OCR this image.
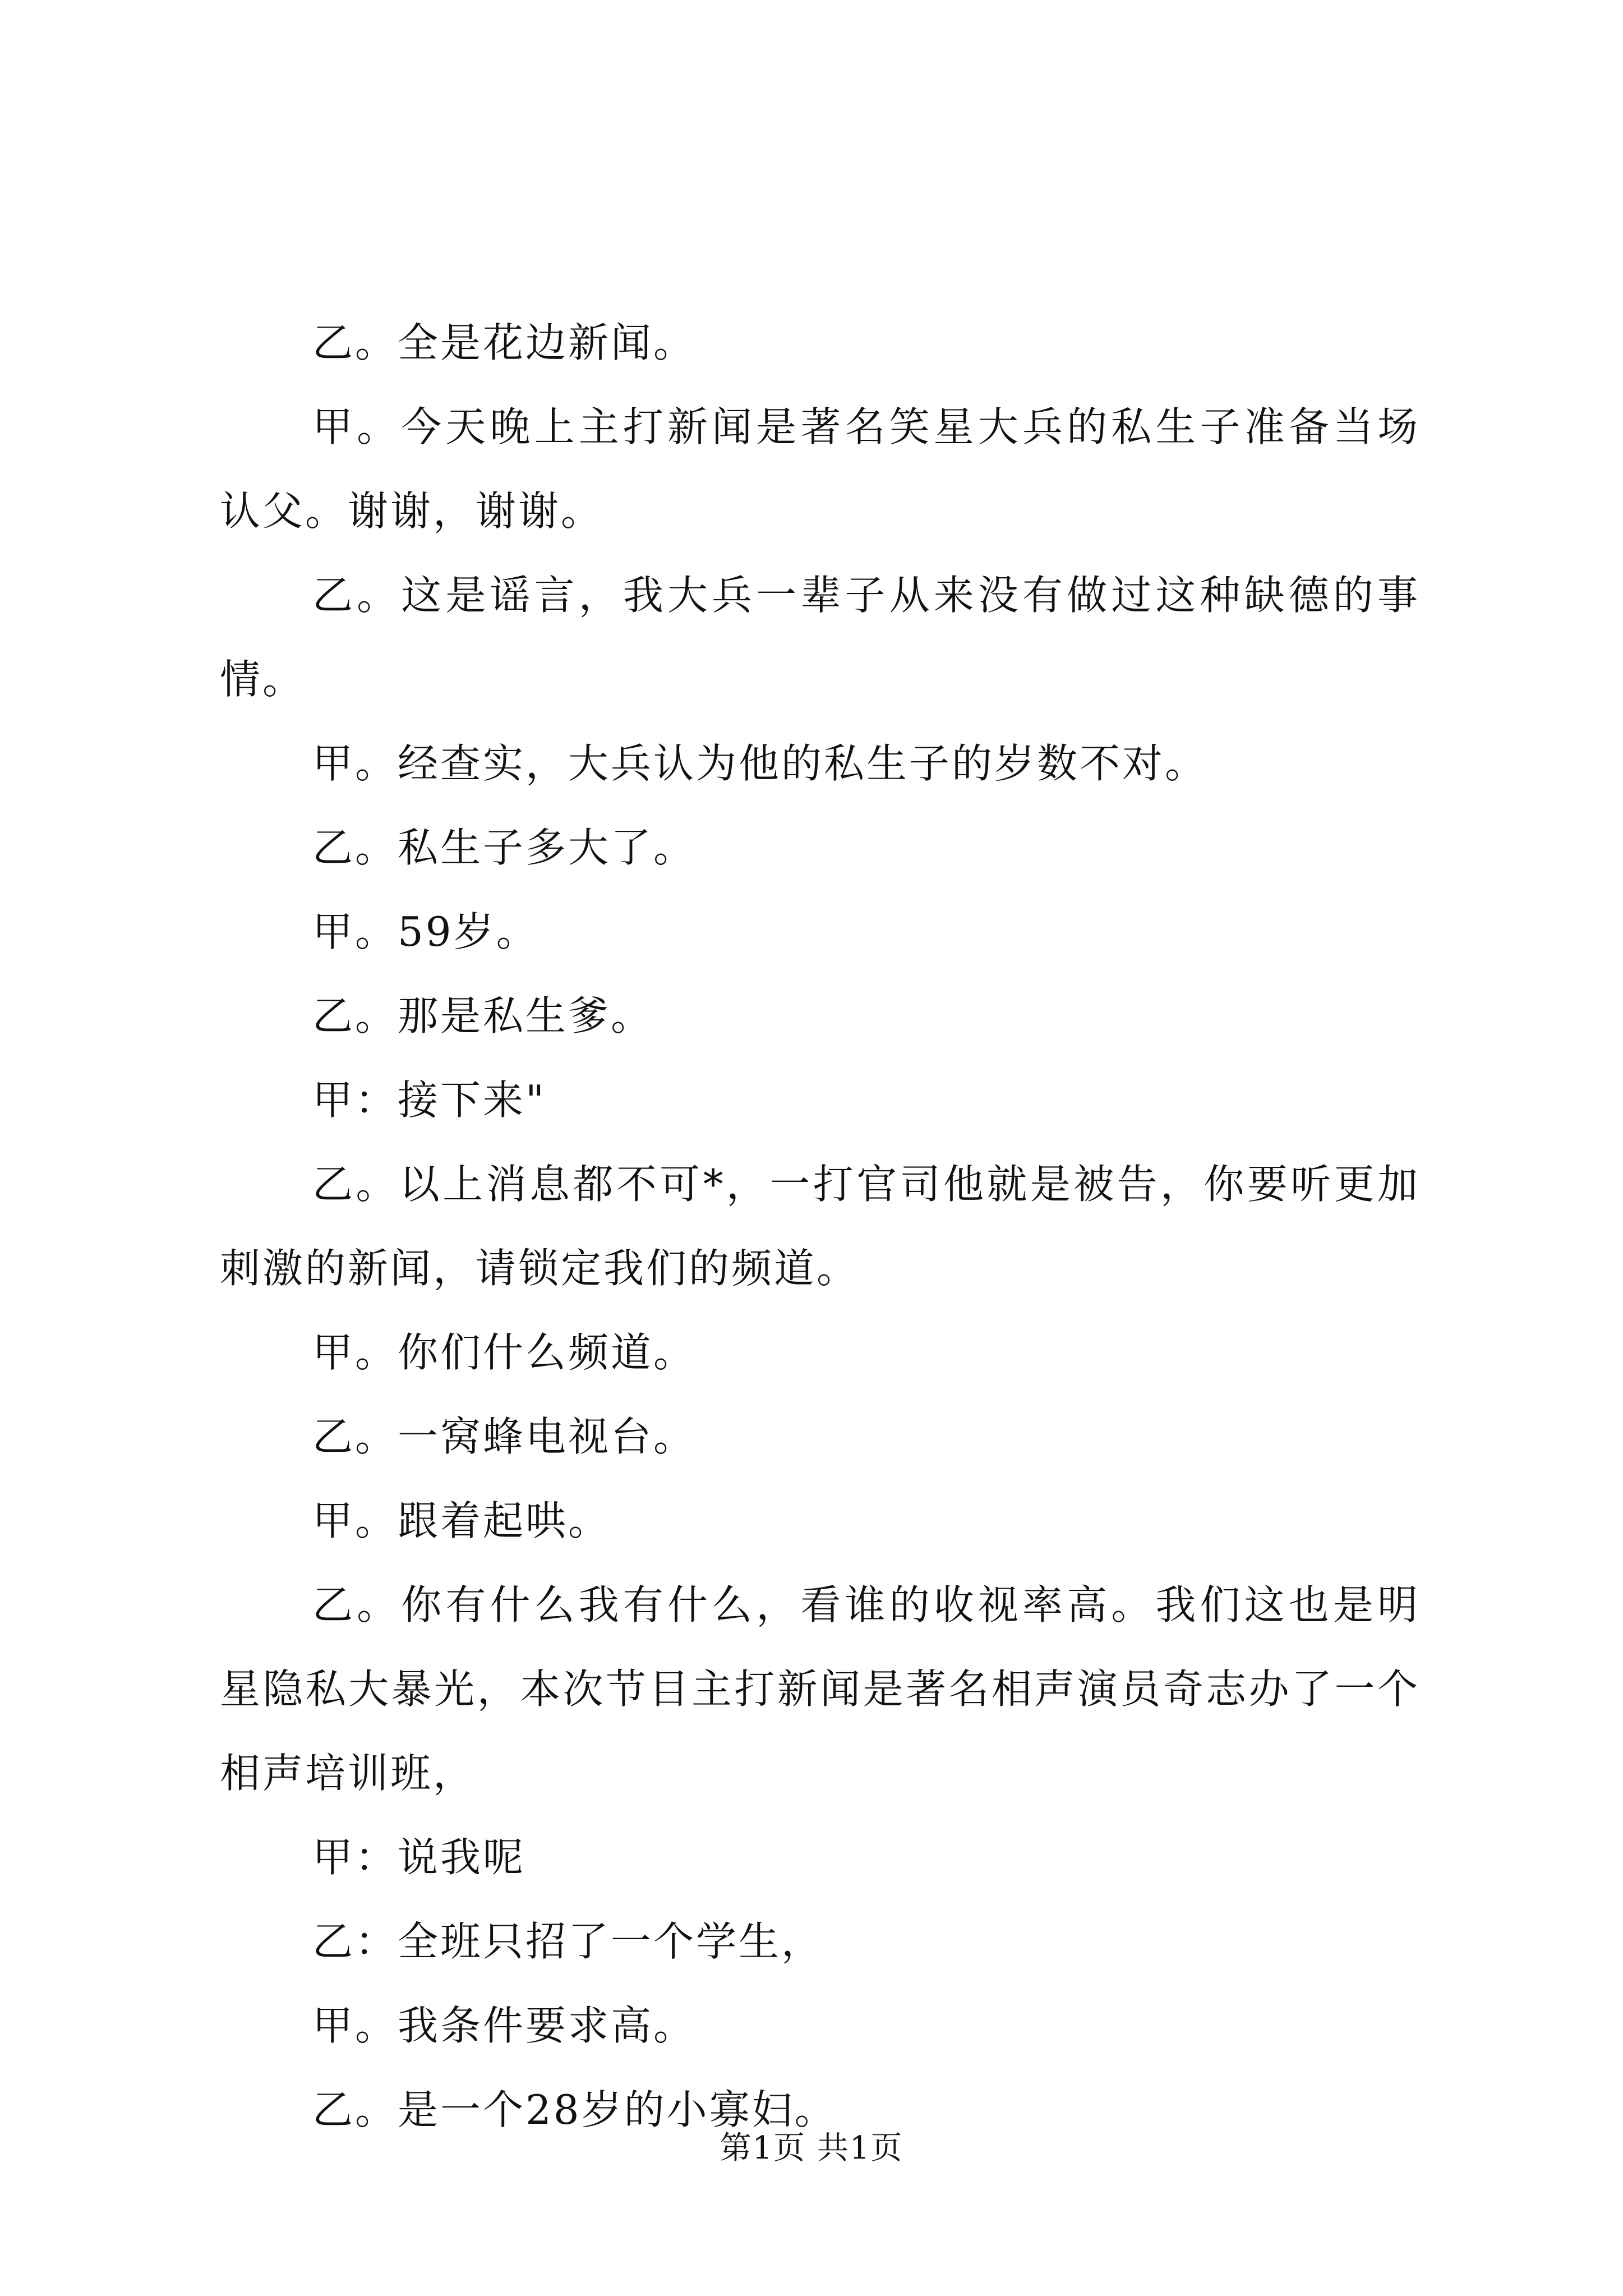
乙。全是花边新闻。

甲。今天晚上主打新闻是著名笑星大兵的私生子准备当场认父。谢谢，谢谢。

乙。这是谣言，我大兵一辈子从来没有做过这种缺德的事情。

甲。经查实，大兵认为他的私生子的岁数不对。

乙。私生子多大了。

甲。59岁。

乙。那是私生爹。

甲：接下来"

乙。以上消息都不可*，一打官司他就是被告，你要听更加刺激的新闻，请锁定我们的频道。

甲。你们什么频道。

乙。一窝蜂电视台。

甲。跟着起哄。

乙。你有什么我有什么，看谁的收视率高。我们这也是明星隐私大暴光，本次节目主打新闻是著名相声演员奇志办了一个相声培训班，

甲：说我呢

乙：全班只招了一个学生，

甲。我条件要求高。

乙。是一个28岁的小寡妇。

第1页 共1页
